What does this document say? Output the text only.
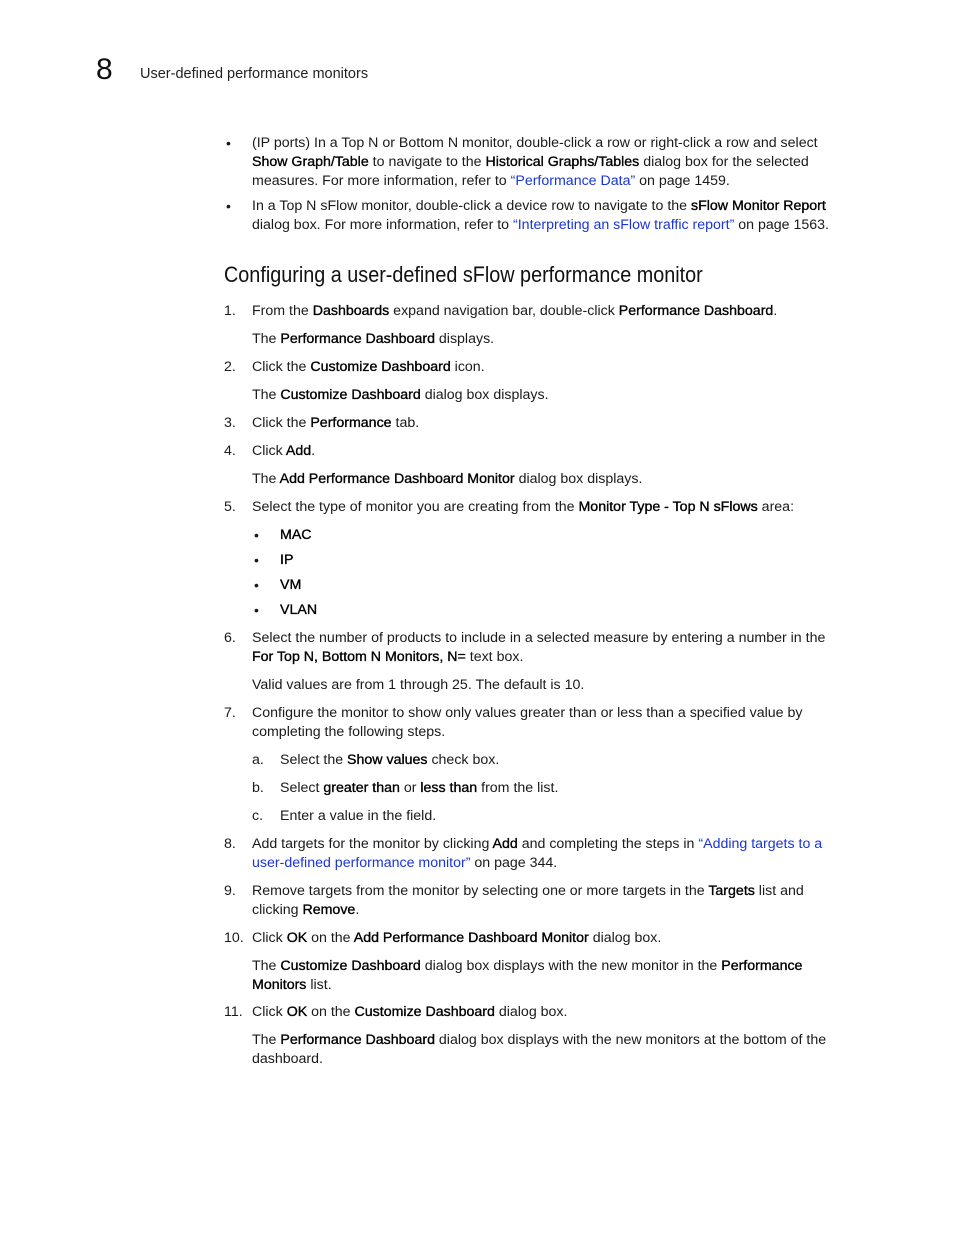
8 User-defined performance monitors
• (IP ports) In a Top N or Bottom N monitor, double-click a row or right-click a row and select
Show Graph/Table to navigate to the Historical Graphs/Tables dialog box for the selected
measures. For more information, refer to “Performance Data” on page 1459.
• In a Top N sFlow monitor, double-click a device row to navigate to the sFlow Monitor Report
dialog box. For more information, refer to “Interpreting an sFlow traffic report” on page 1563.
Configuring a user-defined sFlow performance monitor
1.	From the Dashboards expand navigation bar, double-click Performance Dashboard.
The Performance Dashboard displays.
2.	Click the Customize Dashboard icon.
The Customize Dashboard dialog box displays.
3.	Click the Performance tab.
4.	Click Add.
The Add Performance Dashboard Monitor dialog box displays.
5.	Select the type of monitor you are creating from the Monitor Type - Top N sFlows area:
• MAC
• IP
• VM
• VLAN
6.	Select the number of products to include in a selected measure by entering a number in the
For Top N, Bottom N Monitors, N= text box.
Valid values are from 1 through 25. The default is 10.
7.	Configure the monitor to show only values greater than or less than a specified value by
completing the following steps.
a. Select the Show values check box.
b. Select greater than or less than from the list.
c. Enter a value in the field.
8.	Add targets for the monitor by clicking Add and completing the steps in “Adding targets to a
user-defined performance monitor” on page 344.
9.	Remove targets from the monitor by selecting one or more targets in the Targets list and
clicking Remove.
10. Click OK on the Add Performance Dashboard Monitor dialog box.
The Customize Dashboard dialog box displays with the new monitor in the Performance
Monitors list.
11. Click OK on the Customize Dashboard dialog box.
The Performance Dashboard dialog box displays with the new monitors at the bottom of the
dashboard.
